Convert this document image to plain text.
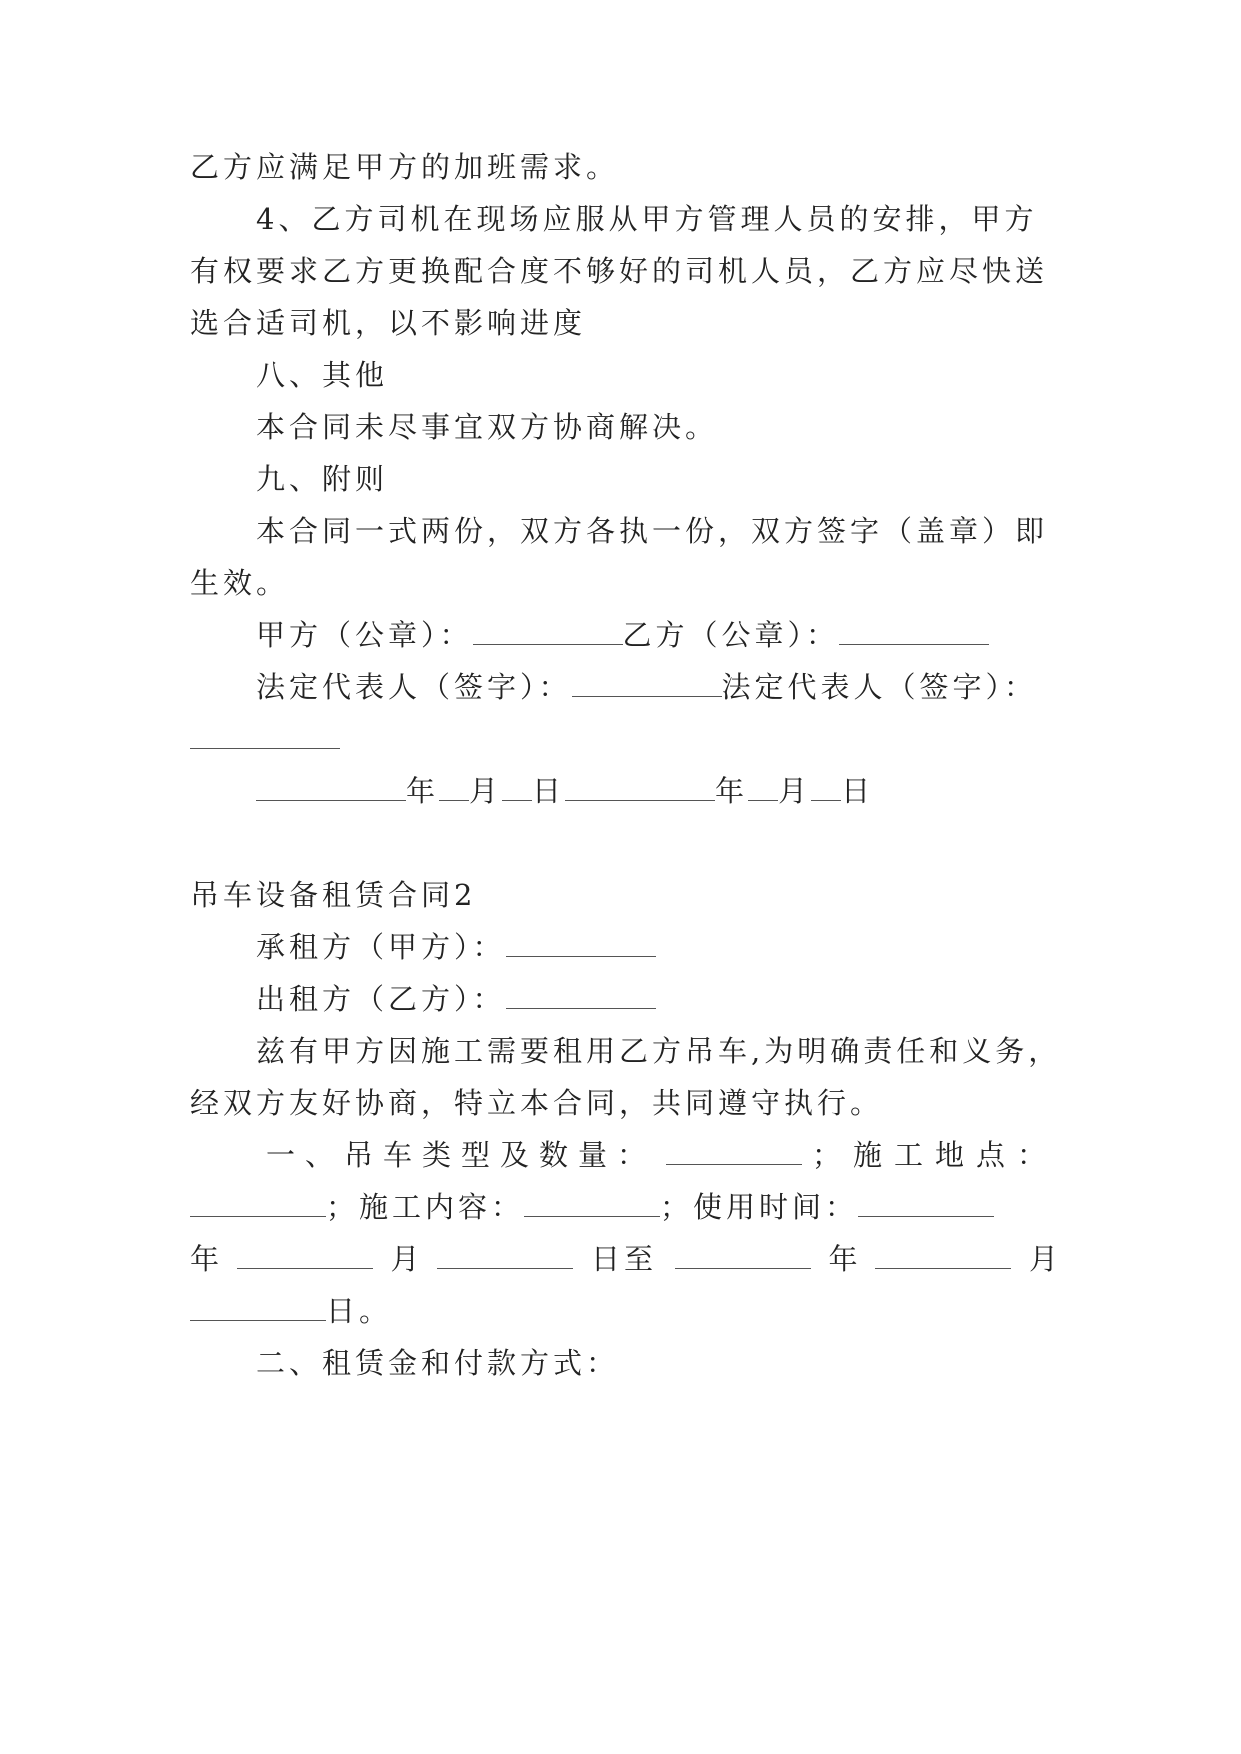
乙方应满足甲方的加班需求。
4、乙方司机在现场应服从甲方管理人员的安排，甲方
有权要求乙方更换配合度不够好的司机人员，乙方应尽快送
选合适司机，以不影响进度
八、其他
本合同未尽事宜双方协商解决。
九、附则
本合同一式两份，双方各执一份，双方签字（盖章）即
生效。
甲方（公章）：	乙方（公章）：
法定代表人（签字）：	法定代表人（签字）：
年 月 日	年 月 日
吊车设备租赁合同2
承租方（甲方）：
出租方（乙方）：
兹有甲方因施工需要租用乙方吊车,为明确责任和义务，
经双方友好协商，特立本合同，共同遵守执行。
一、吊车类型及数量：	；施工地点：
；施工内容：	；使用时间：
年	月	日至	年	月
日。
二、租赁金和付款方式：
